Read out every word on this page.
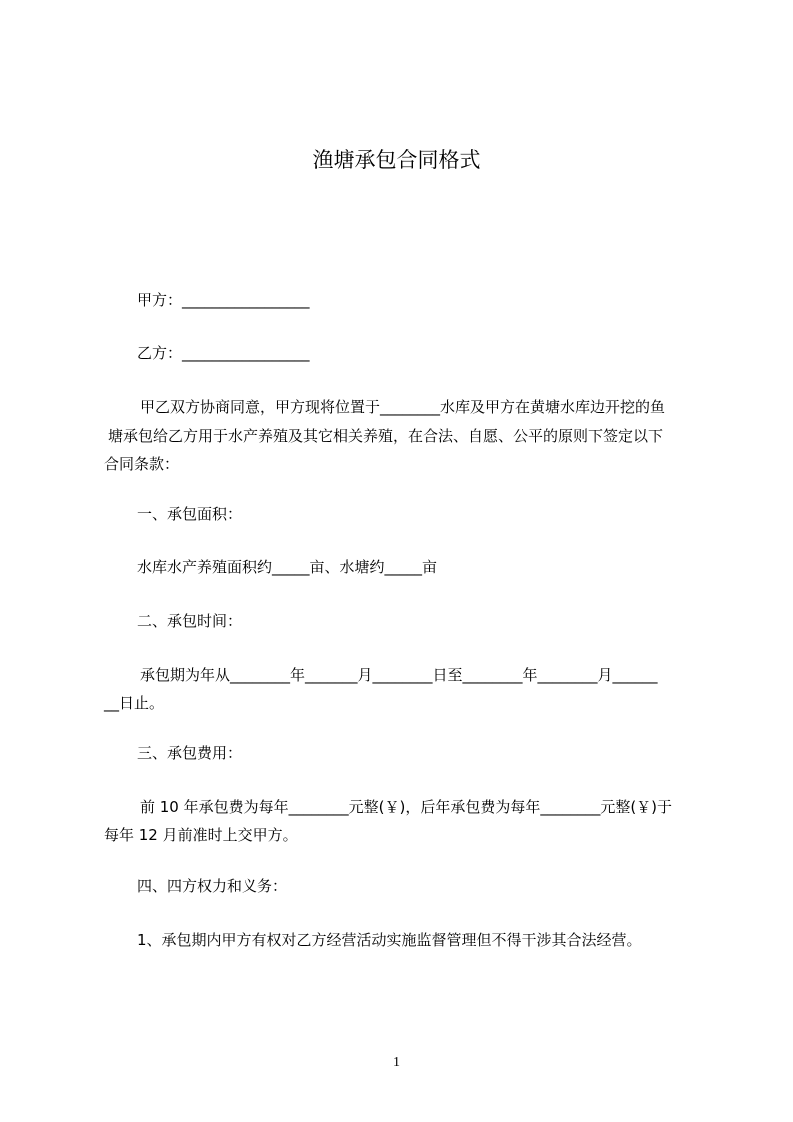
渔塘承包合同格式
甲方：_________________
乙方：_________________
甲乙双方协商同意，甲方现将位置于________水库及甲方在黄塘水库边开挖的鱼
塘承包给乙方用于水产养殖及其它相关养殖，在合法、自愿、公平的原则下签定以下
合同条款：
一、承包面积：
水库水产养殖面积约_____亩、水塘约_____亩
二、承包时间：
承包期为年从________年_______月________日至________年________月______
__日止。
三、承包费用：
前 10 年承包费为每年________元整(￥)，后年承包费为每年________元整(￥)于
每年 12 月前准时上交甲方。
四、四方权力和义务：
1、承包期内甲方有权对乙方经营活动实施监督管理但不得干涉其合法经营。
1
